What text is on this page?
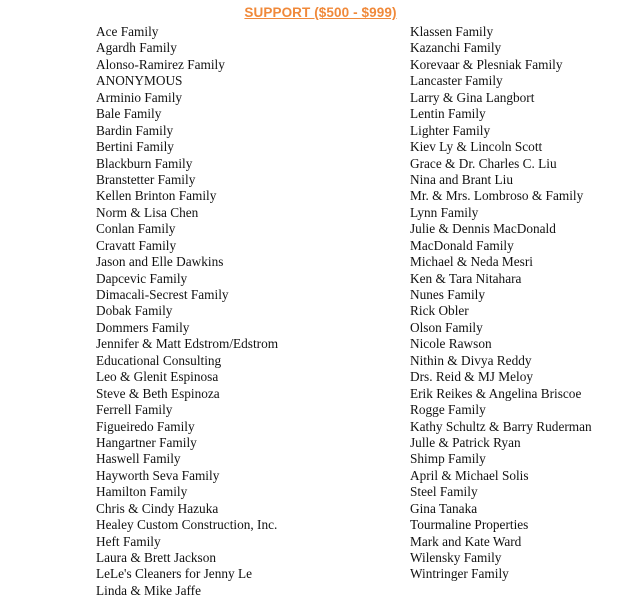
SUPPORT ($500 - $999)
Ace Family
Agardh Family
Alonso-Ramirez Family
ANONYMOUS
Arminio Family
Bale Family
Bardin Family
Bertini Family
Blackburn Family
Branstetter Family
Kellen Brinton Family
Norm & Lisa Chen
Conlan Family
Cravatt Family
Jason and Elle Dawkins
Dapcevic Family
Dimacali-Secrest Family
Dobak Family
Dommers Family
Jennifer & Matt Edstrom/Edstrom
Educational Consulting
Leo & Glenit Espinosa
Steve & Beth Espinoza
Ferrell Family
Figueiredo Family
Hangartner Family
Haswell Family
Hayworth Seva Family
Hamilton Family
Chris & Cindy Hazuka
Healey Custom Construction, Inc.
Heft Family
Laura & Brett Jackson
LeLe's Cleaners for Jenny Le
Linda & Mike Jaffe
Klassen Family
Kazanchi Family
Korevaar & Plesniak Family
Lancaster Family
Larry & Gina Langbort
Lentin Family
Lighter Family
Kiev Ly & Lincoln Scott
Grace & Dr. Charles C. Liu
Nina and Brant Liu
Mr. & Mrs. Lombroso & Family
Lynn Family
Julie & Dennis MacDonald
MacDonald Family
Michael & Neda Mesri
Ken & Tara Nitahara
Nunes Family
Rick Obler
Olson Family
Nicole Rawson
Nithin & Divya Reddy
Drs. Reid & MJ Meloy
Erik Reikes & Angelina Briscoe
Rogge Family
Kathy Schultz & Barry Ruderman
Julle & Patrick Ryan
Shimp Family
April & Michael Solis
Steel Family
Gina Tanaka
Tourmaline Properties
Mark and Kate Ward
Wilensky Family
Wintringer Family
